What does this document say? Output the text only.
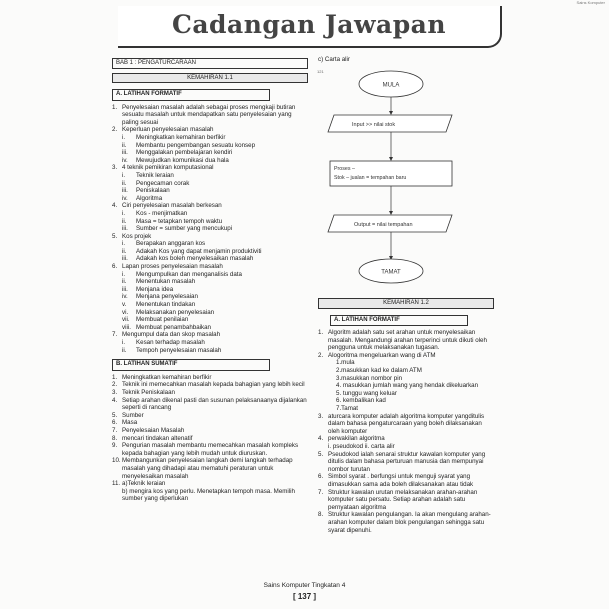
Sains Komputer
Cadangan Jawapan
BAB 1 : PENGATURCARAAN
KEMAHIRAN 1.1
A. LATIHAN FORMATIF
1. Penyelesaian masalah adalah sebagai proses mengkaji butiran sesuatu masalah untuk mendapatkan satu penyelesaian yang paling sesuai
2. Keperluan penyelesaian masalah
i.	Meningkatkan kemahiran berfikir
ii.	Membantu pengembangan sesuatu konsep
iii.	Menggalakan pembelajaran kendiri
iv.	Mewujudkan komunikasi dua hala
3. 4 teknik pemikiran komputasional
i.	Teknik leraian
ii.	Pengecaman corak
iii.	Peniskalaan
iv.	Algoritma
4. Ciri penyelesaian masalah berkesan
i.	Kos - menjimatkan
ii.	Masa = tetapkan tempoh waktu
iii.	Sumber = sumber yang mencukupi
5. Kos projek
i.	Berapakan anggaran kos
ii.	Adakah Kos yang dapat menjamin produktiviti
iii.	Adakah kos boleh menyelesaikan masalah
6. Lapan proses penyelesaian masalah
i.	Mengumpulkan dan menganalisis data
ii.	Menentukan masalah
iii.	Menjana idea
iv.	Menjana penyelesaian
v.	Menentukan tindakan
vi.	Melaksanakan penyelesaian
vii.	Membuat penilaian
viii. Membuat penambahbaikan
7. Mengumpul data dan skop masalah
i.	Kesan terhadap masalah
ii.	Tempoh penyelesaian masalah
B. LATIHAN SUMATIF
1. Meningkatkan kemahiran berfikir
2. Teknik ini memecahkan masalah kepada bahagian yang lebih kecil
3. Teknik Peniskalaan
4. Setiap arahan dikenal pasti dan susunan pelaksanaanya dijalankan seperti di rancang
5. Sumber
6. Masa
7. Penyelesaian Masalah
8. mencari tindakan altenatif
9. Pengurian masalah membantu memecahkan masalah kompleks kepada bahagian yang lebih mudah untuk diuruskan.
10. Membangunkan penyelesaian langkah demi langkah terhadap masalah yang dihadapi atau mematuhi peraturan untuk menyelesaikan masalah
11. a)Teknik leraian
b) mengira kos yang perlu. Menetapkan tempoh masa. Memilih sumber yang diperlukan
c) Carta alir
121
MULA
Input >> nilai stok
Proses –
Stok – jualan = tempahan baru
Output = nilai tempahan
TAMAT
KEMAHIRAN 1.2
A. LATIHAN FORMATIF
1. Algoritm adalah satu set arahan untuk menyelesaikan masalah. Mengandungi arahan terperinci untuk dikuti oleh pengguna untuk melaksanakan tugasan.
2. Alogoritma mengeluarkan wang di ATM
1.mula
2.masukkan kad ke dalam ATM
3.masukkan nombor pin
4. masukkan jumlah wang yang hendak dikeluarkan
5. tunggu wang keluar
6. kembalikan kad
7.Tamat
3. aturcara komputer adalah algoritma komputer yangditulis dalam bahasa pengaturcaraan yang boleh dilaksanakan oleh komputer
4. perwakilan algoritma
i. pseudokod ii. carta alir
5. Pseudokod ialah senarai struktur kawalan komputer yang ditulis dalam bahasa perturuan manusia dan mempunyai nombor turutan
6. Simbol syarat . berfungsi untuk menguji syarat yang dimasukkan sama ada boleh dilaksanakan atau tidak
7. Struktur kawalan urutan melaksanakan arahan-arahan komputer satu persatu. Setiap arahan adalah satu pernyataan algoritma
8. Struktur kawalan pengulangan. Ia akan mengulang arahan-arahan komputer dalam blok pengulangan sehingga satu syarat dipenuhi.
Sains Komputer Tingkatan 4
[ 137 ]
